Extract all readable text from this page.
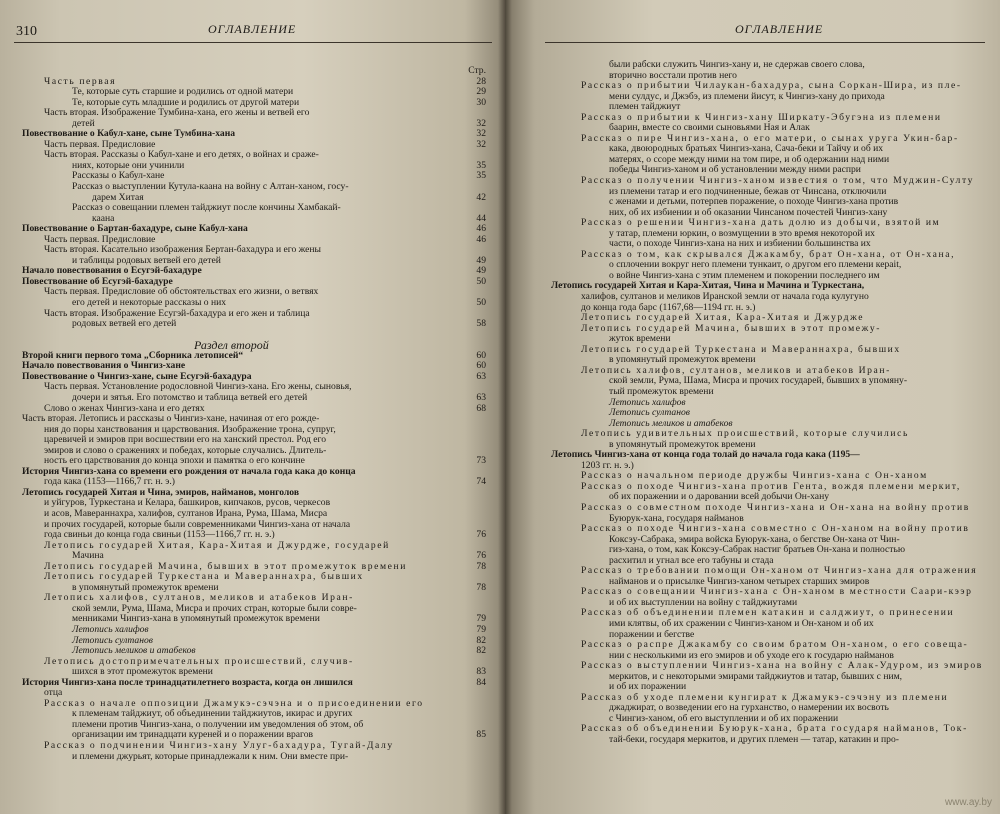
310	ОГЛАВЛЕНИЕ
Стр.
Часть первая	28
Те, которые суть старшие и родились от одной матери	29
Те, которые суть младшие и родились от другой матери	30
Часть вторая. Изображение Тумбина-хана, его жены и ветвей его
детей	32
Повествование о Кабул-хане, сыне Тумбина-хана	32
Часть первая. Предисловие	32
Часть вторая. Рассказы о Кабул-хане и его детях, о войнах и сраже-
ниях, которые они учинили	35
Рассказы о Кабул-хане	35
Рассказ о выступлении Кутула-каана на войну с Алтан-ханом, госу-
дарем Хитая	42
Рассказ о совещании племен тайджиут после кончины Хамбакай-
каана	44
Повествование о Бартан-бахадуре, сыне Кабул-хана	46
Часть первая. Предисловие	46
Часть вторая. Касательно изображения Бертан-бахадура и его жены
и таблицы родовых ветвей его детей	49
Начало повествования о Есугэй-бахадуре	49
Повествование об Есугэй-бахадуре	50
Часть первая. Предисловие об обстоятельствах его жизни, о ветвях
его детей и некоторые рассказы о них	50
Часть вторая. Изображение Есугэй-бахадура и его жен и таблица
родовых ветвей его детей	58
Раздел второй
Второй книги первого тома „Сборника летописей“	60
Начало повествования о Чингиз-хане	60
Повествование о Чингиз-хане, сыне Есугэй-бахадура	63
Часть первая. Установление родословной Чингиз-хана. Его жены, сыновья,
дочери и зятья. Его потомство и таблица ветвей его детей	63
Слово о женах Чингиз-хана и его детях	68
Часть вторая. Летопись и рассказы о Чингиз-хане, начиная от его рожде-
ния до поры ханствования и царствования. Изображение трона, супруг,
царевичей и эмиров при восшествии его на ханский престол. Род его
эмиров и слово о сражениях и победах, которые случались. Длитель-
ность его царствования до конца эпохи и памятка о его кончине	73
История Чингиз-хана со времени его рождения от начала года кака до конца
года кака (1153—1166,7 гг. н. э.)	74
Летопись государей Хитая и Чина, эмиров, найманов, монголов
и уйгуров, Туркестана и Келара, башкиров, кипчаков, русов, черкесов
и асов, Мавераннахра, халифов, султанов Ирана, Рума, Шама, Мисра
и прочих государей, которые были современниками Чингиз-хана от начала
года свиньи до конца года свиньи (1153—1166,7 гг. н. э.)	76
Летопись государей Хитая, Кара-Хитая и Джурдже, государей
Мачина	76
Летопись государей Мачина, бывших в этот промежуток времени	78
Летопись государей Туркестана и Мавераннахра, бывших
в упомянутый промежуток времени	78
Летопись халифов, султанов, меликов и атабеков Иран-
ской земли, Рума, Шама, Мисра и прочих стран, которые были совре-
менниками Чингиз-хана в упомянутый промежуток времени	79
Летопись халифов	79
Летопись султанов	82
Летопись меликов и атабеков	82
Летопись достопримечательных происшествий, случив-
шихся в этот промежуток времени	83
История Чингиз-хана после тринадцатилетнего возраста, когда он лишился	84
отца
Рассказ о начале оппозиции Джамукэ-сэчэна и о присоединении его
к племенам тайджиут, об объединении тайджиутов, икирас и других
племени против Чингиз-хана, о получении им уведомления об этом, об
организации им тринадцати куреней и о поражении врагов	85
Рассказ о подчинении Чингиз-хану Улуг-бахадура, Тугай-Далу
и племени джурьят, которые принадлежали к ним. Они вместе при-
ОГЛАВЛЕНИЕ
были рабски служить Чингиз-хану и, не сдержав своего слова,
вторично восстали против него
Рассказ о прибытии Чилаукан-бахадура, сына Соркан-Шира, из пле-
мени сулдус, и Джэбэ, из племени йисут, к Чингиз-хану до прихода
племен тайджиут
Рассказ о прибытии к Чингиз-хану Ширкату-Эбугэна из племени
баарин, вместе со своими сыновьями Ная и Алак
Рассказ о пире Чингиз-хана, о его матери, о сынах уруга Укин-бар-
кака, двоюродных братьях Чингиз-хана, Сача-беки и Тайчу и об их
матерях, о ссоре между ними на том пире, и об одержании над ними
победы Чингиз-ханом и об установлении между ними распри
Рассказ о получении Чингиз-ханом известия о том, что Муджин-Султу
из племени татар и его подчиненные, бежав от Чинсана, отключили
с женами и детьми, потерпев поражение, о походе Чингиз-хана против
них, об их избиении и об оказании Чинсаном почестей Чингиз-хану
Рассказ о решении Чингиз-хана дать долю из добычи, взятой им
у татар, племени юркин, о возмущении в это время некоторой их
части, о походе Чингиз-хана на них и избиении большинства их
Рассказ о том, как скрывался Джакамбу, брат Он-хана, от Он-хана,
о сплочении вокруг него племени тункаит, о другом его племени керait,
о войне Чингиз-хана с этим племенем и покорении последнего им
Летопись государей Хитая и Кара-Хитая, Чина и Мачина и Туркестана,
халифов, султанов и меликов Иранской земли от начала года кулугуно
до конца года барс (1167,68—1194 гг. н. э.)
Летопись государей Хитая, Кара-Хитая и Джурдже
Летопись государей Мачина, бывших в этот промежу-
жуток времени
Летопись государей Туркестана и Мавераннахра, бывших
в упомянутый промежуток времени
Летопись халифов, султанов, меликов и атабеков Иран-
ской земли, Рума, Шама, Мисра и прочих государей, бывших в упомяну-
тый промежуток времени
Летопись халифов
Летопись султанов
Летопись меликов и атабеков
Летопись удивительных происшествий, которые случились
в упомянутый промежуток времени
Летопись Чингиз-хана от конца года толай до начала года кака (1195—
1203 гг. н. э.)
Рассказ о начальном периоде дружбы Чингиз-хана с Он-ханом
Рассказ о походе Чингиз-хана против Гента, вождя племени меркит,
об их поражении и о даровании всей добычи Он-хану
Рассказ о совместном походе Чингиз-хана и Он-хана на войну против
Буюрук-хана, государя найманов
Рассказ о походе Чингиз-хана совместно с Он-ханом на войну против
Коксэу-Сабрака, эмира войска Буюрук-хана, о бегстве Он-хана от Чин-
гиз-хана, о том, как Коксэу-Сабрак настиг братьев Он-хана и полностью
расхитил и угнал все его табуны и стада
Рассказ о требовании помощи Он-ханом от Чингиз-хана для отражения
найманов и о присылке Чингиз-ханом четырех старших эмиров
Рассказ о совещании Чингиз-хана с Он-ханом в местности Саари-кээр
и об их выступлении на войну с тайджиутами
Рассказ об объединении племен катакин и салджиут, о принесении
ими клятвы, об их сражении с Чингиз-ханом и Он-ханом и об их
поражении и бегстве
Рассказ о распре Джакамбу со своим братом Он-ханом, о его совеща-
нии с несколькими из его эмиров и об уходе его к государю найманов
Рассказ о выступлении Чингиз-хана на войну с Алак-Удуром, из эмиров
меркитов, и с некоторыми эмирами тайджиутов и татар, бывших с ним,
и об их поражении
Рассказ об уходе племени кунгират к Джамукэ-сэчэну из племени
джаджират, о возведении его на гурханство, о намерении их восвоть
с Чингиз-ханом, об его выступлении и об их поражении
Рассказ об объединении Буюрук-хана, брата государя найманов, Ток-
тай-беки, государя меркитов, и других племен — татар, катакин и про-
www.ay.by
